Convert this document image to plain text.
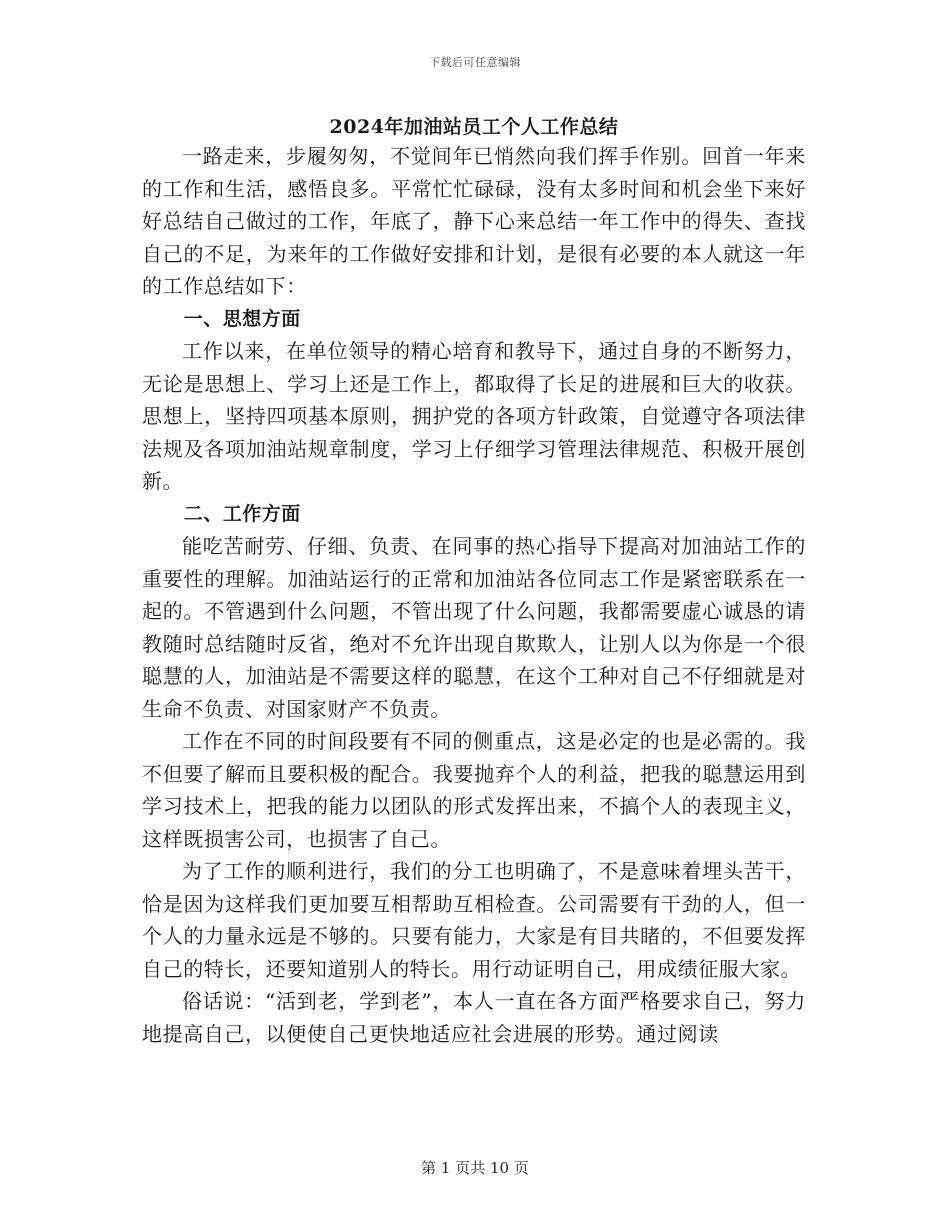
下载后可任意编辑
2024年加油站员工个人工作总结

一路走来，步履匆匆，不觉间年已悄然向我们挥手作别。回首一年来的工作和生活，感悟良多。平常忙忙碌碌，没有太多时间和机会坐下来好好总结自己做过的工作，年底了，静下心来总结一年工作中的得失、查找自己的不足，为来年的工作做好安排和计划，是很有必要的本人就这一年的工作总结如下：

一、思想方面

工作以来，在单位领导的精心培育和教导下，通过自身的不断努力，无论是思想上、学习上还是工作上，都取得了长足的进展和巨大的收获。思想上，坚持四项基本原则，拥护党的各项方针政策，自觉遵守各项法律法规及各项加油站规章制度，学习上仔细学习管理法律规范、积极开展创新。

二、工作方面

能吃苦耐劳、仔细、负责、在同事的热心指导下提高对加油站工作的重要性的理解。加油站运行的正常和加油站各位同志工作是紧密联系在一起的。不管遇到什么问题，不管出现了什么问题，我都需要虚心诚恳的请教随时总结随时反省，绝对不允许出现自欺欺人，让别人以为你是一个很聪慧的人，加油站是不需要这样的聪慧，在这个工种对自己不仔细就是对生命不负责、对国家财产不负责。

工作在不同的时间段要有不同的侧重点，这是必定的也是必需的。我不但要了解而且要积极的配合。我要抛弃个人的利益，把我的聪慧运用到学习技术上，把我的能力以团队的形式发挥出来，不搞个人的表现主义，这样既损害公司，也损害了自己。

为了工作的顺利进行，我们的分工也明确了，不是意味着埋头苦干，恰是因为这样我们更加要互相帮助互相检查。公司需要有干劲的人，但一个人的力量永远是不够的。只要有能力，大家是有目共睹的，不但要发挥自己的特长，还要知道别人的特长。用行动证明自己，用成绩征服大家。

俗话说：“活到老，学到老”，本人一直在各方面严格要求自己，努力地提高自己，以便使自己更快地适应社会进展的形势。通过阅读

第 1 页共 10 页
